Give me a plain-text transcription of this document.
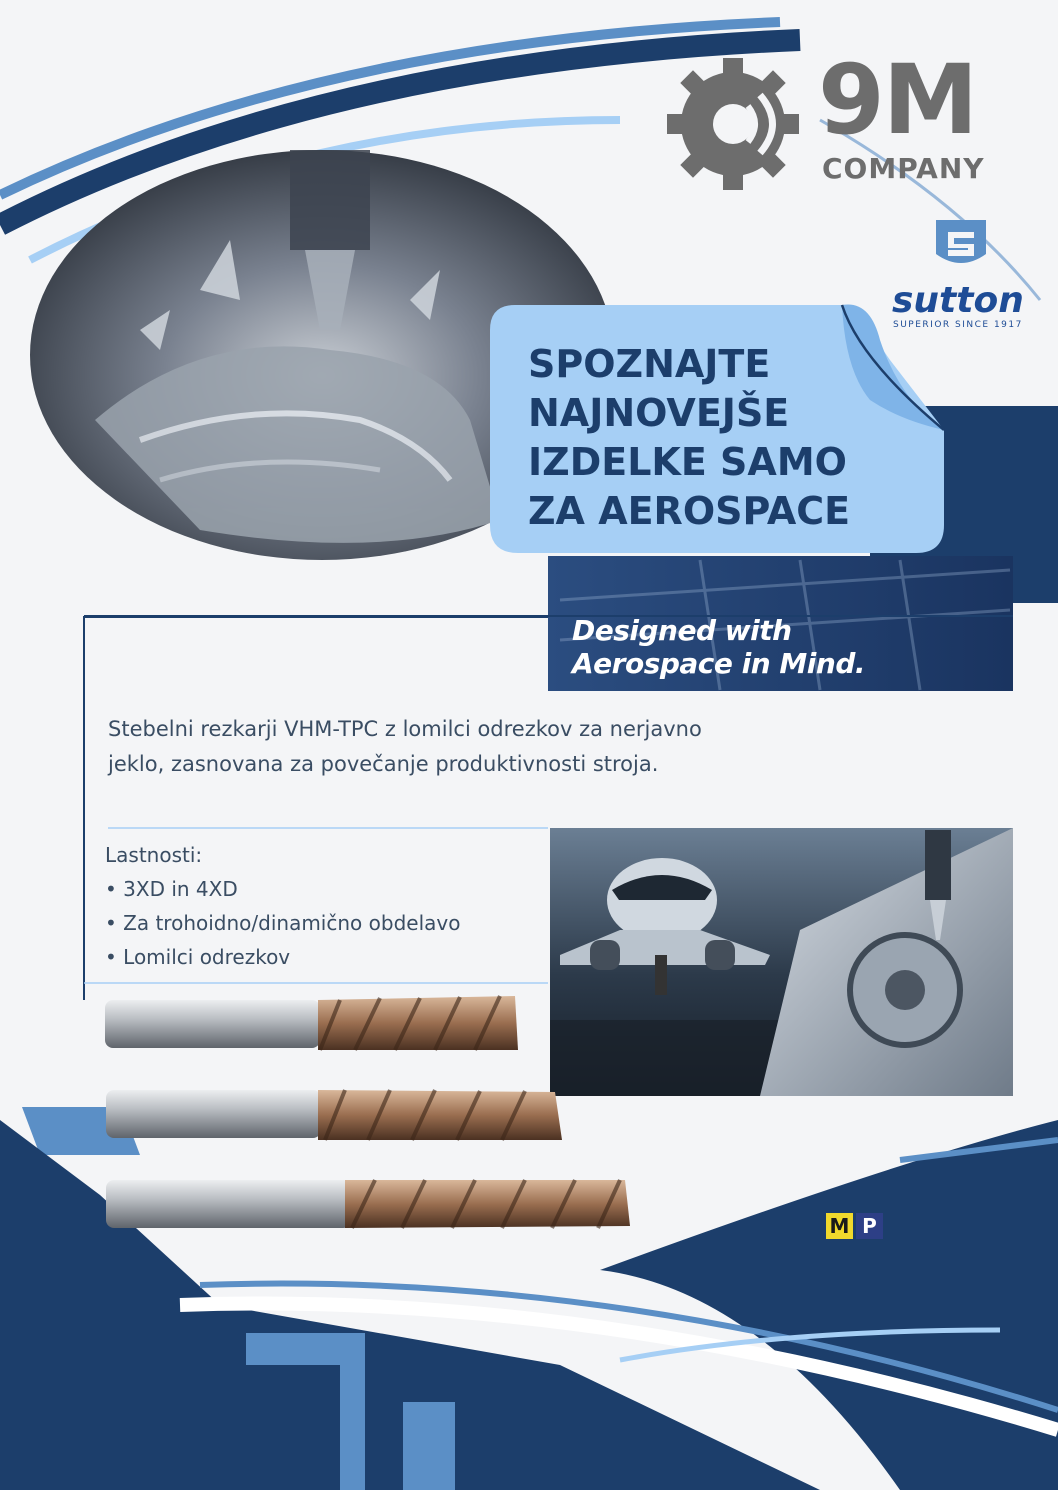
9M
COMPANY
sutton
SUPERIOR SINCE 1917
SPOZNAJTE NAJNOVEJŠE IZDELKE SAMO ZA AEROSPACE
Designed with
Aerospace in Mind.

Stebelni rezkarji VHM-TPC z lomilci odrezkov za nerjavno jeklo, zasnovana za povečanje produktivnosti stroja.

Lastnosti:
• 3XD in 4XD
• Za trohoidno/dinamično obdelavo
• Lomilci odrezkov
M P
